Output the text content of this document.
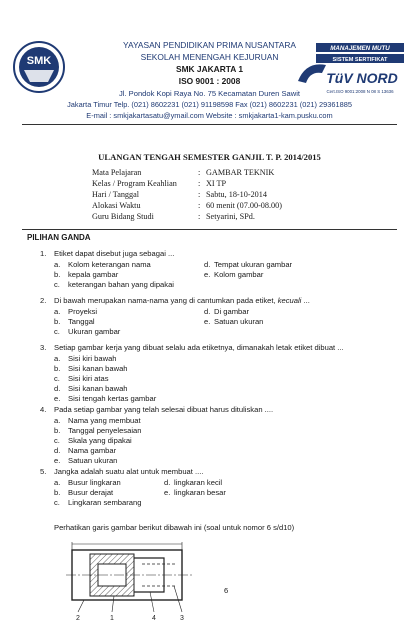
SMK
YAYASAN PENDIDIKAN PRIMA NUSANTARA
SEKOLAH MENENGAH KEJURUAN
SMK JAKARTA 1
ISO 9001 : 2008
Jl. Pondok Kopi Raya No. 75 Kecamatan Duren Sawit
Jakarta Timur Telp. (021) 8602231 (021) 91198598 Fax (021) 8602231 (021) 29361885
E-mail : smkjakartasatu@ymail.com Website : smkjakarta1-kam.pusku.com
MANAJEMEN MUTU
SISTEM SERTIFIKAT
TüV NORD
Cert.ISO 9001:2008 N 08 S 13636
ULANGAN TENGAH SEMESTER GANJIL T. P. 2014/2015
Mata Pelajaran	: GAMBAR TEKNIK
Kelas / Program Keahlian	: XI TP
Hari / Tanggal	: Sabtu, 18-10-2014
Alokasi Waktu	: 60 menit (07.00-08.00)
Guru Bidang Studi	: Setyarini, SPd.
PILIHAN GANDA
1. Etiket dapat disebut juga sebagai ...
a. Kolom keterangan nama
b. kepala gambar
c. keterangan bahan yang dipakai
d. Tempat ukuran gambar
e. Kolom gambar
2. Di bawah merupakan nama-nama yang di cantumkan pada etiket, kecuali ...
a. Proyeksi
b. Tanggal
c. Ukuran gambar
d. Di gambar
e. Satuan ukuran
3. Setiap gambar kerja yang dibuat selalu ada etiketnya, dimanakah letak etiket dibuat ...
a. Sisi kiri bawah
b. Sisi kanan bawah
c. Sisi kiri atas
d. Sisi kanan bawah
e. Sisi tengah kertas gambar
4. Pada setiap gambar yang telah selesai dibuat harus dituliskan ....
a. Nama yang membuat
b. Tanggal penyelesaian
c. Skala yang dipakai
d. Nama gambar
e. Satuan ukuran
5. Jangka adalah suatu alat untuk membuat ....
a. Busur lingkaran
b. Busur derajat
c. Lingkaran sembarang
d. lingkaran kecil
e. lingkaran besar
Perhatikan garis gambar berikut dibawah ini (soal untuk nomor 6 s/d10)
2	1	4	3
6
